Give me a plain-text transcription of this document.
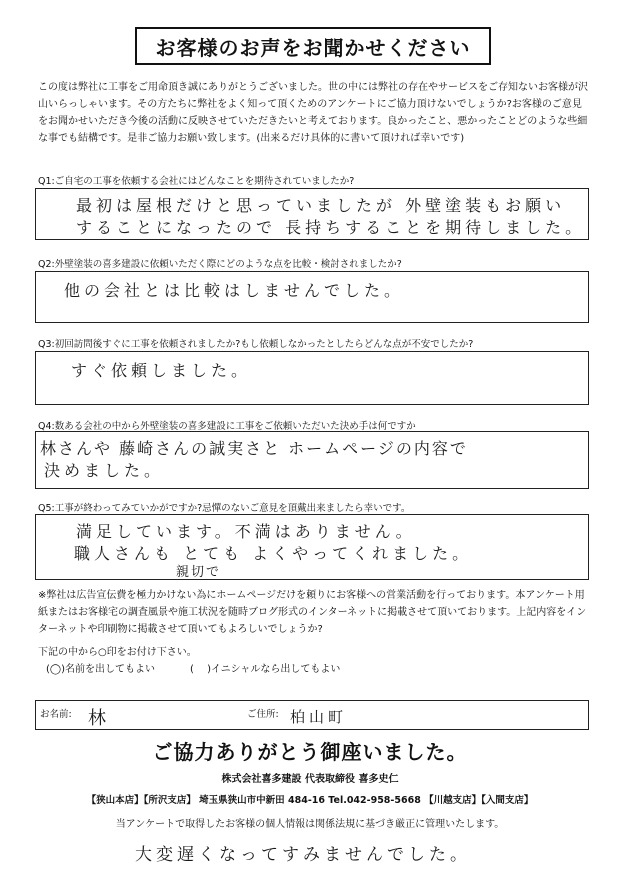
お客様のお声をお聞かせください
この度は弊社に工事をご用命頂き誠にありがとうございました。世の中には弊社の存在やサービスをご存知ないお客様が沢山いらっしゃいます。その方たちに弊社をよく知って頂くためのアンケートにご協力頂けないでしょうか?お客様のご意見をお聞かせいただき今後の活動に反映させていただきたいと考えております。良かったこと、悪かったことどのような些細な事でも結構です。是非ご協力お願い致します。(出来るだけ具体的に書いて頂ければ幸いです)
Q1:ご自宅の工事を依頼する会社にはどんなことを期待されていましたか?
最初は屋根だけと思っていましたが 外壁塗装もお願い
することになったので 長持ちすることを期待しました。
Q2:外壁塗装の喜多建設に依頼いただく際にどのような点を比較・検討されましたか?
他の会社とは比較はしませんでした。
Q3:初回訪問後すぐに工事を依頼されましたか?もし依頼しなかったとしたらどんな点が不安でしたか?
すぐ依頼しました。
Q4:数ある会社の中から外壁塗装の喜多建設に工事をご依頼いただいた決め手は何ですか
林さんや 藤崎さんの誠実さと ホームページの内容で
決めました。
Q5:工事が終わってみていかがですか?忌憚のないご意見を頂戴出来ましたら幸いです。
満足しています。不満はありません。
職人さんも とても よくやってくれました。
親切で
※弊社は広告宣伝費を極力かけない為にホームページだけを頼りにお客様への営業活動を行っております。本アンケート用紙またはお客様宅の調査風景や施工状況を随時ブログ形式のインターネットに掲載させて頂いております。上記内容をインターネットや印刷物に掲載させて頂いてもよろしいでしょうか?
下記の中から○印をお付け下さい。
(◯)名前を出してもよい	(　 )イニシャルなら出してもよい
お名前: 林	ご住所: 柏山町
ご協力ありがとう御座いました。
株式会社喜多建設 代表取締役 喜多史仁
【狭山本店】【所沢支店】 埼玉県狭山市中新田 484-16 Tel.042-958-5668 【川越支店】【入間支店】
当アンケートで取得したお客様の個人情報は関係法規に基づき厳正に管理いたします。
大変遅くなってすみませんでした。
